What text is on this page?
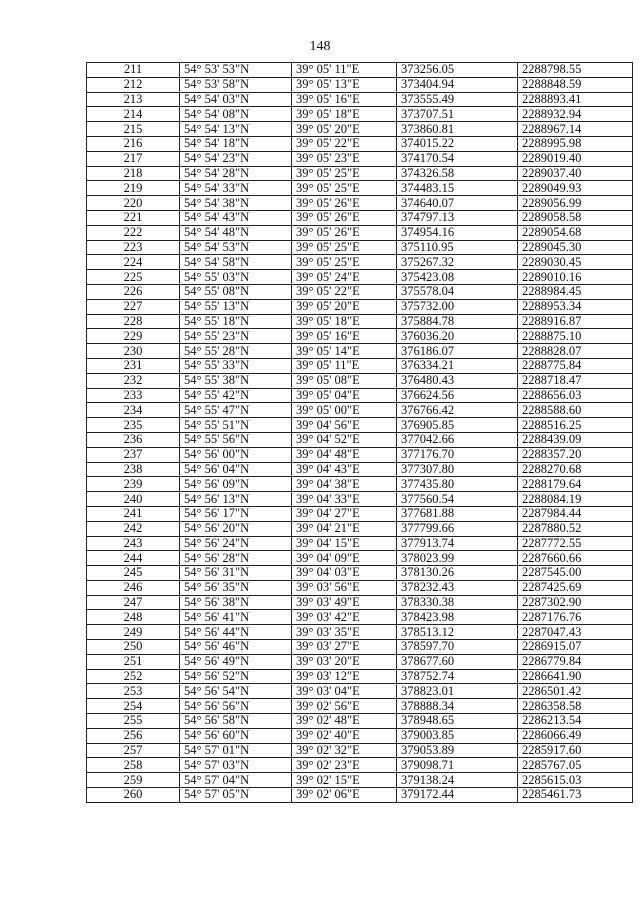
148
211	54° 53' 53"N	39° 05' 11"E	373256.05	2288798.55
212	54° 53' 58"N	39° 05' 13"E	373404.94	2288848.59
213	54° 54' 03"N	39° 05' 16"E	373555.49	2288893.41
214	54° 54' 08"N	39° 05' 18"E	373707.51	2288932.94
215	54° 54' 13"N	39° 05' 20"E	373860.81	2288967.14
216	54° 54' 18"N	39° 05' 22"E	374015.22	2288995.98
217	54° 54' 23"N	39° 05' 23"E	374170.54	2289019.40
218	54° 54' 28"N	39° 05' 25"E	374326.58	2289037.40
219	54° 54' 33"N	39° 05' 25"E	374483.15	2289049.93
220	54° 54' 38"N	39° 05' 26"E	374640.07	2289056.99
221	54° 54' 43"N	39° 05' 26"E	374797.13	2289058.58
222	54° 54' 48"N	39° 05' 26"E	374954.16	2289054.68
223	54° 54' 53"N	39° 05' 25"E	375110.95	2289045.30
224	54° 54' 58"N	39° 05' 25"E	375267.32	2289030.45
225	54° 55' 03"N	39° 05' 24"E	375423.08	2289010.16
226	54° 55' 08"N	39° 05' 22"E	375578.04	2288984.45
227	54° 55' 13"N	39° 05' 20"E	375732.00	2288953.34
228	54° 55' 18"N	39° 05' 18"E	375884.78	2288916.87
229	54° 55' 23"N	39° 05' 16"E	376036.20	2288875.10
230	54° 55' 28"N	39° 05' 14"E	376186.07	2288828.07
231	54° 55' 33"N	39° 05' 11"E	376334.21	2288775.84
232	54° 55' 38"N	39° 05' 08"E	376480.43	2288718.47
233	54° 55' 42"N	39° 05' 04"E	376624.56	2288656.03
234	54° 55' 47"N	39° 05' 00"E	376766.42	2288588.60
235	54° 55' 51"N	39° 04' 56"E	376905.85	2288516.25
236	54° 55' 56"N	39° 04' 52"E	377042.66	2288439.09
237	54° 56' 00"N	39° 04' 48"E	377176.70	2288357.20
238	54° 56' 04"N	39° 04' 43"E	377307.80	2288270.68
239	54° 56' 09"N	39° 04' 38"E	377435.80	2288179.64
240	54° 56' 13"N	39° 04' 33"E	377560.54	2288084.19
241	54° 56' 17"N	39° 04' 27"E	377681.88	2287984.44
242	54° 56' 20"N	39° 04' 21"E	377799.66	2287880.52
243	54° 56' 24"N	39° 04' 15"E	377913.74	2287772.55
244	54° 56' 28"N	39° 04' 09"E	378023.99	2287660.66
245	54° 56' 31"N	39° 04' 03"E	378130.26	2287545.00
246	54° 56' 35"N	39° 03' 56"E	378232.43	2287425.69
247	54° 56' 38"N	39° 03' 49"E	378330.38	2287302.90
248	54° 56' 41"N	39° 03' 42"E	378423.98	2287176.76
249	54° 56' 44"N	39° 03' 35"E	378513.12	2287047.43
250	54° 56' 46"N	39° 03' 27"E	378597.70	2286915.07
251	54° 56' 49"N	39° 03' 20"E	378677.60	2286779.84
252	54° 56' 52"N	39° 03' 12"E	378752.74	2286641.90
253	54° 56' 54"N	39° 03' 04"E	378823.01	2286501.42
254	54° 56' 56"N	39° 02' 56"E	378888.34	2286358.58
255	54° 56' 58"N	39° 02' 48"E	378948.65	2286213.54
256	54° 56' 60"N	39° 02' 40"E	379003.85	2286066.49
257	54° 57' 01"N	39° 02' 32"E	379053.89	2285917.60
258	54° 57' 03"N	39° 02' 23"E	379098.71	2285767.05
259	54° 57' 04"N	39° 02' 15"E	379138.24	2285615.03
260	54° 57' 05"N	39° 02' 06"E	379172.44	2285461.73
